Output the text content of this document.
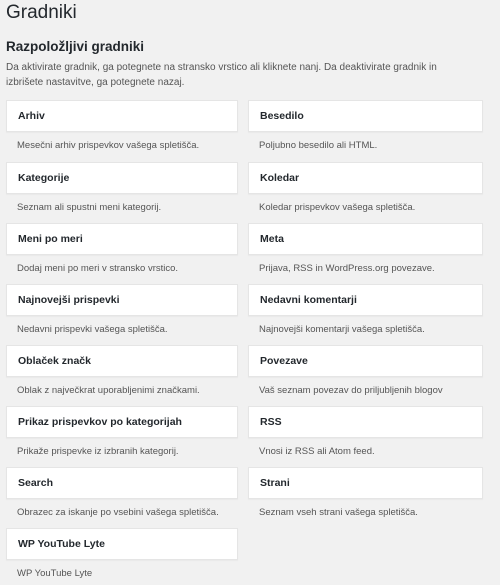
Gradniki
Razpoložljivi gradniki

Da aktivirate gradnik, ga potegnete na stransko vrstico ali kliknete nanj. Da deaktivirate gradnik in izbrišete nastavitve, ga potegnete nazaj.

Arhiv
Mesečni arhiv prispevkov vašega spletišča.
Besedilo
Poljubno besedilo ali HTML.
Kategorije
Seznam ali spustni meni kategorij.
Koledar
Koledar prispevkov vašega spletišča.
Meni po meri
Dodaj meni po meri v stransko vrstico.
Meta
Prijava, RSS in WordPress.org povezave.
Najnovejši prispevki
Nedavni prispevki vašega spletišča.
Nedavni komentarji
Najnovejši komentarji vašega spletišča.
Oblaček značk
Oblak z največkrat uporabljenimi značkami.
Povezave
Vaš seznam povezav do priljubljenih blogov
Prikaz prispevkov po kategorijah
Prikaže prispevke iz izbranih kategorij.
RSS
Vnosi iz RSS ali Atom feed.
Search
Obrazec za iskanje po vsebini vašega spletišča.
Strani
Seznam vseh strani vašega spletišča.
WP YouTube Lyte
WP YouTube Lyte
